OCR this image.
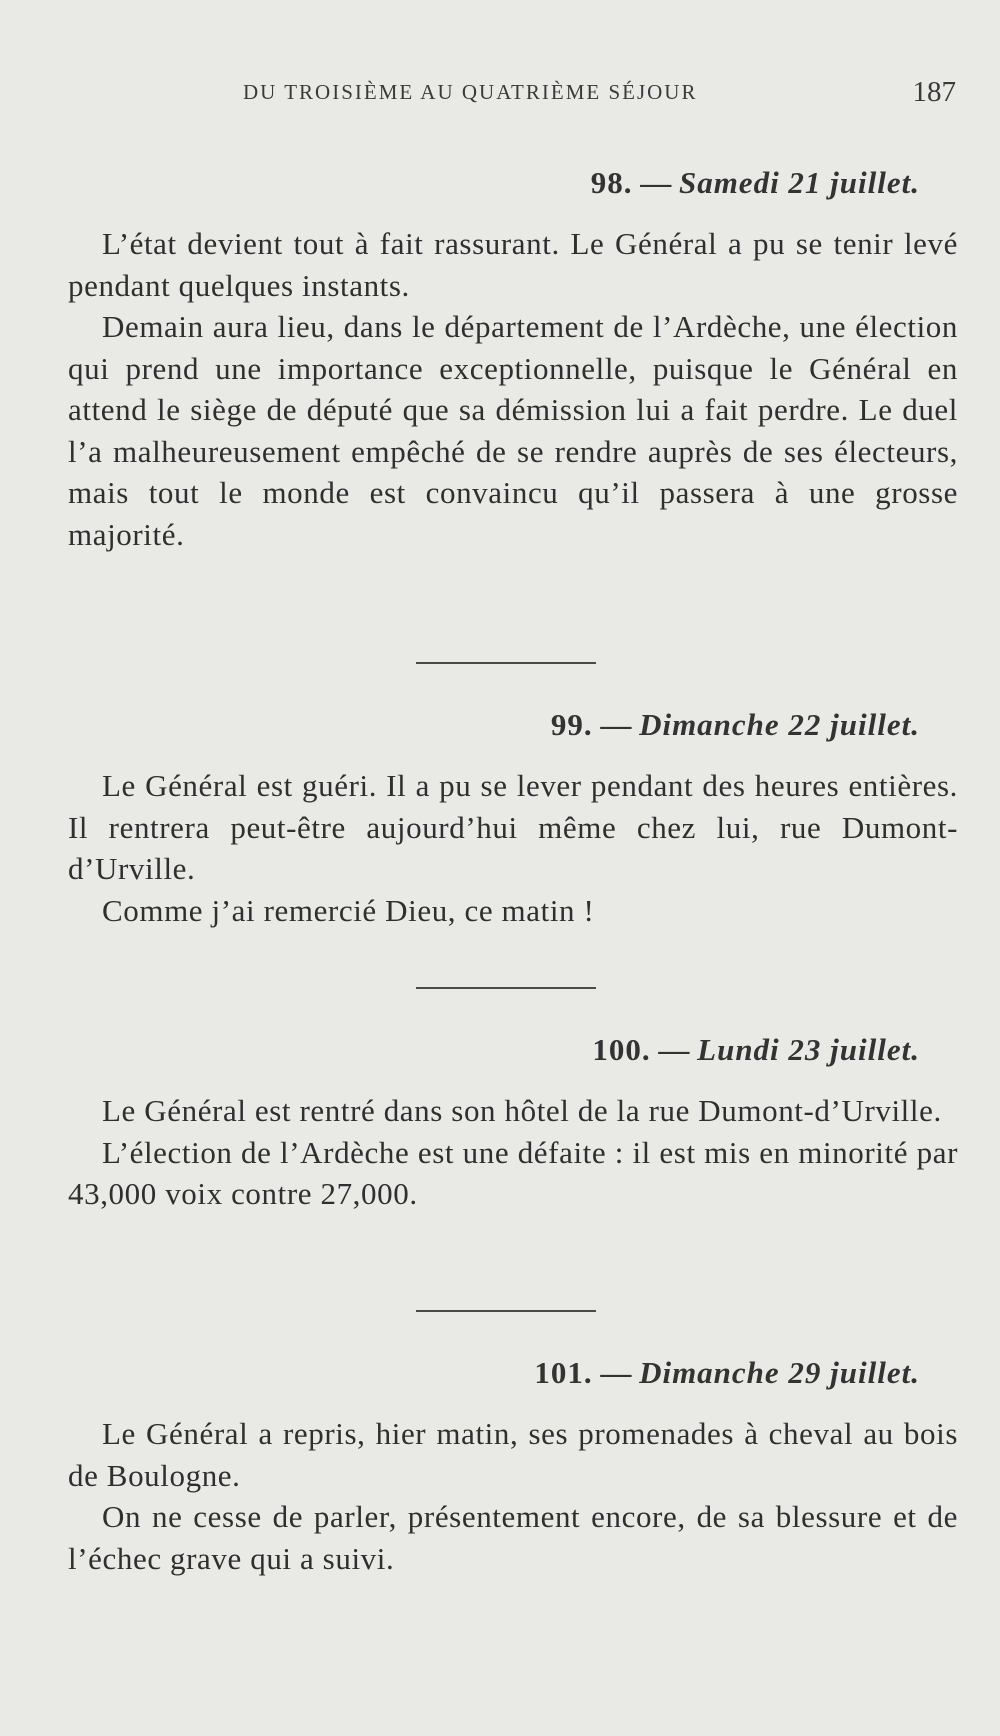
DU TROISIÈME AU QUATRIÈME SÉJOUR	187
98. — Samedi 21 juillet.

L’état devient tout à fait rassurant. Le Général a pu se tenir levé pendant quelques instants.

Demain aura lieu, dans le département de l’Ardèche, une élection qui prend une importance exceptionnelle, puisque le Général en attend le siège de député que sa démission lui a fait perdre. Le duel l’a malheureusement empêché de se rendre auprès de ses électeurs, mais tout le monde est convaincu qu’il passera à une grosse majorité.

99. — Dimanche 22 juillet.

Le Général est guéri. Il a pu se lever pendant des heures entières. Il rentrera peut-être aujourd’hui même chez lui, rue Dumont-d’Urville.

Comme j’ai remercié Dieu, ce matin !

100. — Lundi 23 juillet.

Le Général est rentré dans son hôtel de la rue Dumont-d’Urville.

L’élection de l’Ardèche est une défaite : il est mis en minorité par 43,000 voix contre 27,000.

101. — Dimanche 29 juillet.

Le Général a repris, hier matin, ses promenades à cheval au bois de Boulogne.

On ne cesse de parler, présentement encore, de sa blessure et de l’échec grave qui a suivi.
